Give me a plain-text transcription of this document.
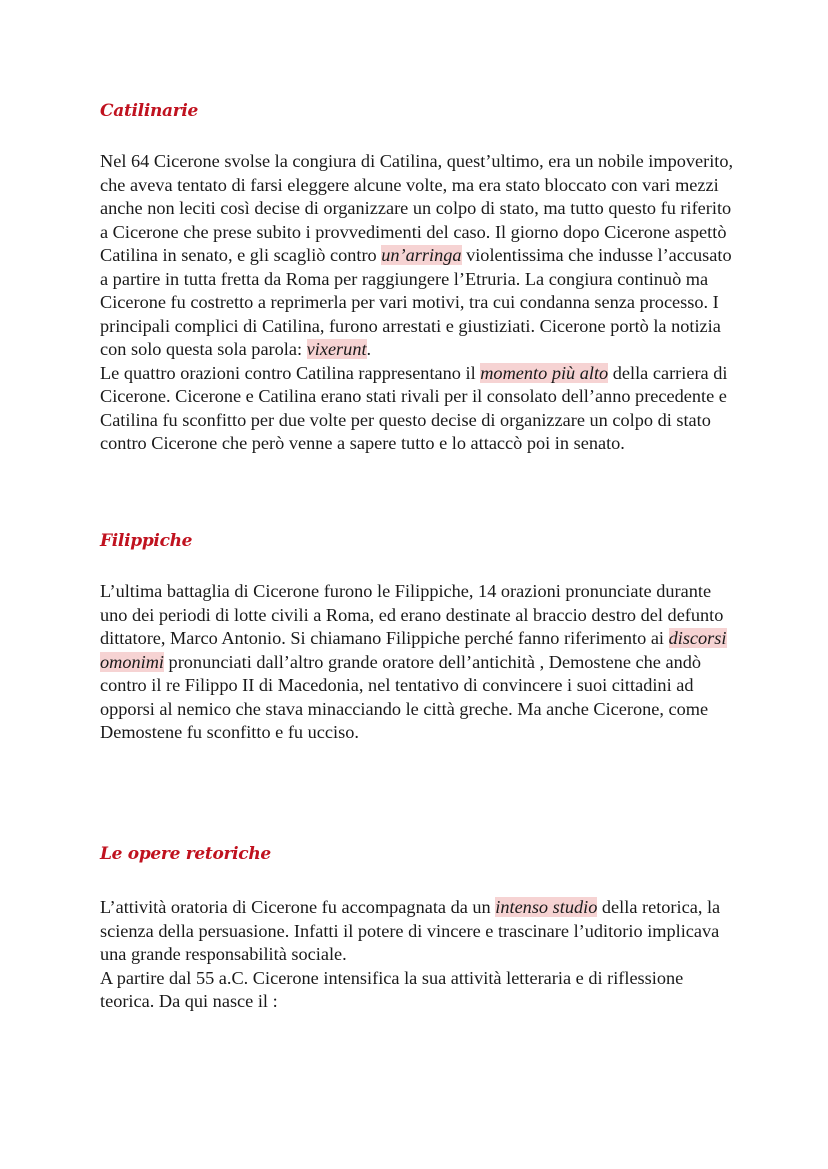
Catilinarie

Nel 64 Cicerone svolse la congiura di Catilina, quest’ultimo, era un nobile impoverito, che aveva tentato di farsi eleggere alcune volte, ma era stato bloccato con vari mezzi anche non leciti così decise di organizzare un colpo di stato, ma tutto questo fu riferito a Cicerone che prese subito i provvedimenti del caso. Il giorno dopo Cicerone aspettò Catilina in senato, e gli scagliò contro un’arringa violentissima che indusse l’accusato a partire in tutta fretta da Roma per raggiungere l’Etruria. La congiura continuò ma Cicerone fu costretto a reprimerla per vari motivi, tra cui condanna senza processo. I principali complici di Catilina, furono arrestati e giustiziati. Cicerone portò la notizia con solo questa sola parola: vixerunt.
Le quattro orazioni contro Catilina rappresentano il momento più alto della carriera di Cicerone. Cicerone e Catilina erano stati rivali per il consolato dell’anno precedente e Catilina fu sconfitto per due volte per questo decise di organizzare un colpo di stato contro Cicerone che però venne a sapere tutto e lo attaccò poi in senato.

Filippiche

L’ultima battaglia di Cicerone furono le Filippiche, 14 orazioni pronunciate durante uno dei periodi di lotte civili a Roma, ed erano destinate al braccio destro del defunto dittatore, Marco Antonio. Si chiamano Filippiche perché fanno riferimento ai discorsi omonimi pronunciati dall’altro grande oratore dell’antichità , Demostene che andò contro il re Filippo II di Macedonia, nel tentativo di convincere i suoi cittadini ad opporsi al nemico che stava minacciando le città greche. Ma anche Cicerone, come Demostene fu sconfitto e fu ucciso.

Le opere retoriche

L’attività oratoria di Cicerone fu accompagnata da un intenso studio della retorica, la scienza della persuasione. Infatti il potere di vincere e trascinare l’uditorio implicava una grande responsabilità sociale.
A partire dal 55 a.C. Cicerone intensifica la sua attività letteraria e di riflessione teorica. Da qui nasce il :
